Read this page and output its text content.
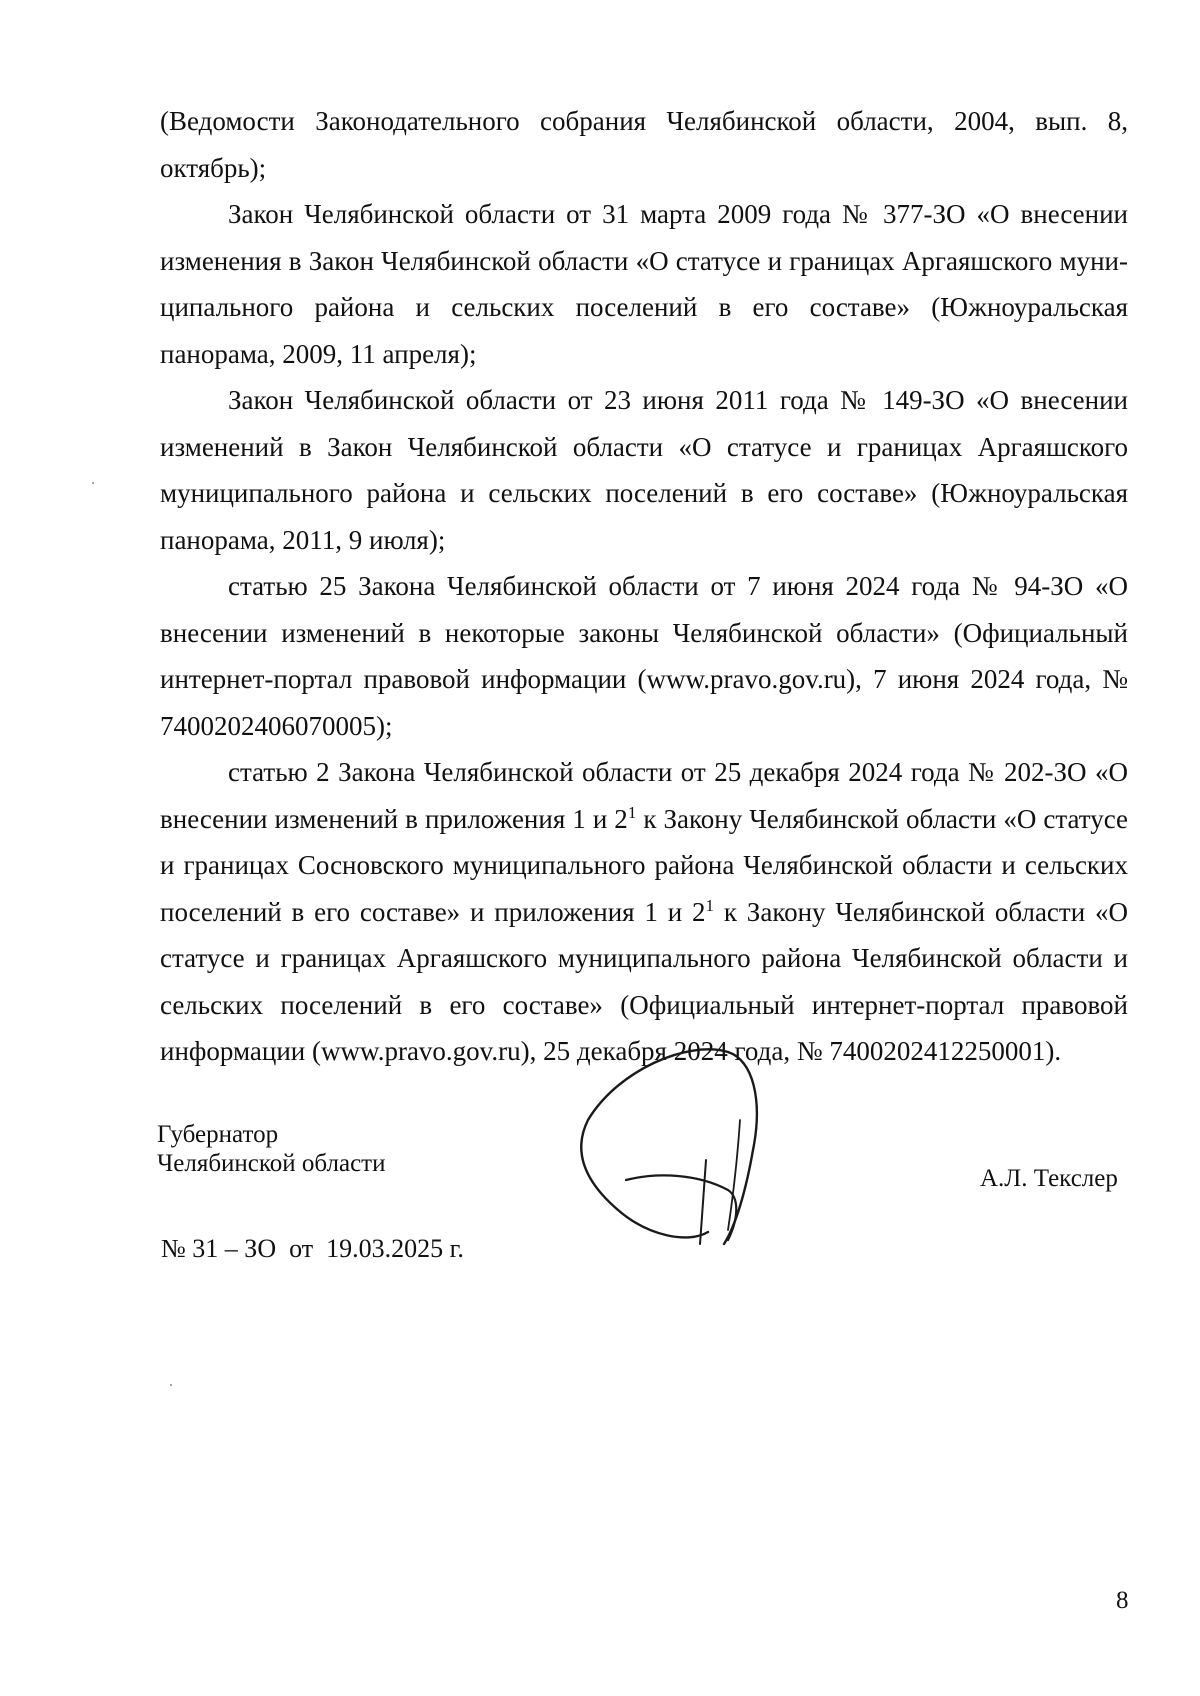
(Ведомости Законодательного собрания Челябинской области, 2004, вып. 8, октябрь);

Закон Челябинской области от 31 марта 2009 года № 377-ЗО «О внесении изменения в Закон Челябинской области «О статусе и границах Аргаяшского муниципального района и сельских поселений в его составе» (Южноуральская панорама, 2009, 11 апреля);

Закон Челябинской области от 23 июня 2011 года № 149-ЗО «О внесении изменений в Закон Челябинской области «О статусе и границах Аргаяшского муниципального района и сельских поселений в его составе» (Южноуральская панорама, 2011, 9 июля);

статью 25 Закона Челябинской области от 7 июня 2024 года № 94-ЗО «О внесении изменений в некоторые законы Челябинской области» (Официальный интернет-портал правовой информации (www.pravo.gov.ru), 7 июня 2024 года, № 7400202406070005);

статью 2 Закона Челябинской области от 25 декабря 2024 года № 202-ЗО «О внесении изменений в приложения 1 и $2^1$ к Закону Челябинской области «О статусе и границах Сосновского муниципального района Челябинской области и сельских поселений в его составе» и приложения 1 и $2^1$ к Закону Челябинской области «О статусе и границах Аргаяшского муниципального района Челябинской области и сельских поселений в его составе» (Официальный интернет-портал правовой информации (www.pravo.gov.ru), 25 декабря 2024 года, № 7400202412250001).

Губернатор
Челябинской области
А.Л. Текслер
№ 31 – ЗО  от  19.03.2025 г.
8
